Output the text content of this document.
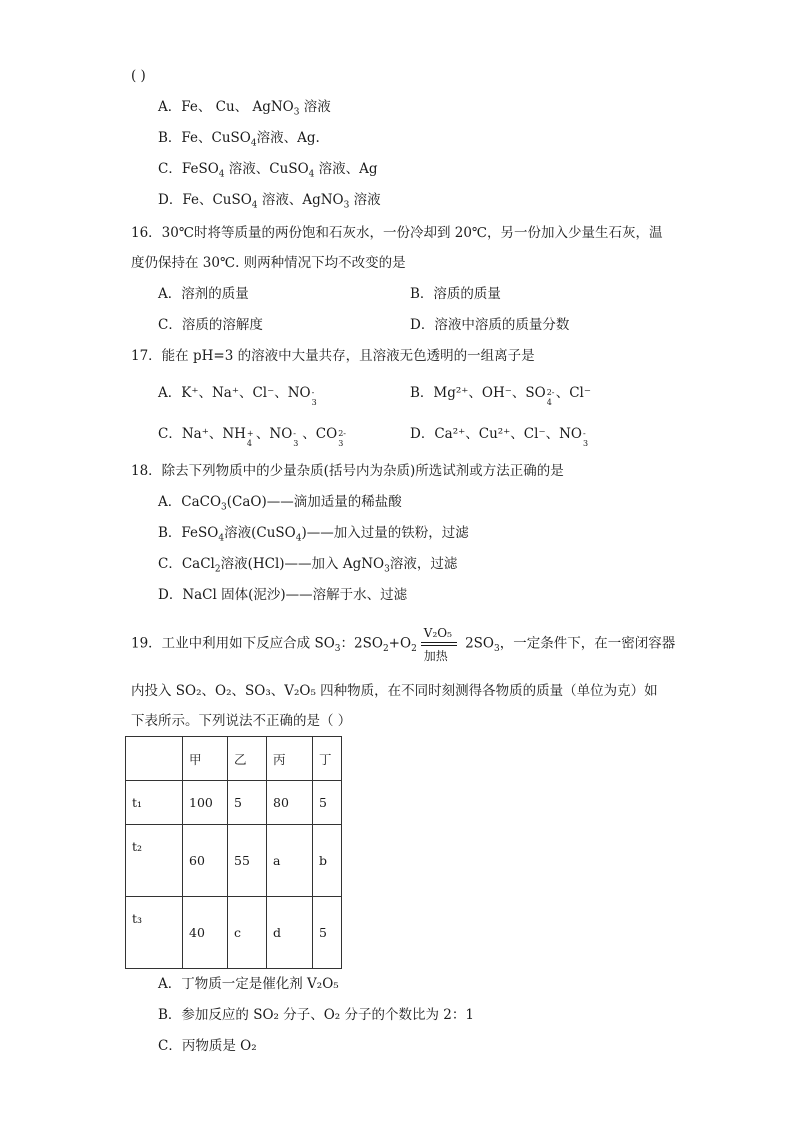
( )
A．Fe、 Cu、 AgNO$_3$ 溶液
B．Fe、CuSO$_4$溶液、Ag.
C．FeSO$_4$ 溶液、CuSO$_4$ 溶液、Ag
D．Fe、CuSO$_4$ 溶液、AgNO$_3$ 溶液
16．30℃时将等质量的两份饱和石灰水，一份冷却到 20℃，另一份加入少量生石灰，温
度仍保持在 30℃. 则两种情况下均不改变的是
A．溶剂的质量	B．溶质的质量
C．溶质的溶解度	D．溶液中溶质的质量分数
17．能在 pH=3 的溶液中大量共存，且溶液无色透明的一组离子是
A．K⁺、Na⁺、Cl⁻、NO -
3
B．Mg²⁺、OH⁻、SO 2-
4
、Cl⁻
C．Na⁺、NH +
4
、NO -
3
、CO 2-
3
D．Ca²⁺、Cu²⁺、Cl⁻、NO -
3
18．除去下列物质中的少量杂质(括号内为杂质)所选试剂或方法正确的是
A．CaCO$_3$(CaO)——滴加适量的稀盐酸
B．FeSO$_4$溶液(CuSO$_4$)——加入过量的铁粉，过滤
C．CaCl$_2$溶液(HCl)——加入 AgNO$_3$溶液，过滤
D．NaCl 固体(泥沙)——溶解于水、过滤
19．工业中利用如下反应合成 $SO_3$：$2SO_2+O_2$
V₂O₅
加热
$2SO_3$，一定条件下，在一密闭容器
内投入 SO₂、O₂、SO₃、V₂O₅ 四种物质，在不同时刻测得各物质的质量（单位为克）如
下表所示。下列说法不正确的是（ ）
	甲	乙	丙	丁
t₁	100	5	80	5
t₂	60	55	a	b
t₃	40	c	d	5
A．丁物质一定是催化剂 V₂O₅
B．参加反应的 SO₂ 分子、O₂ 分子的个数比为 2：1
C．丙物质是 O₂
